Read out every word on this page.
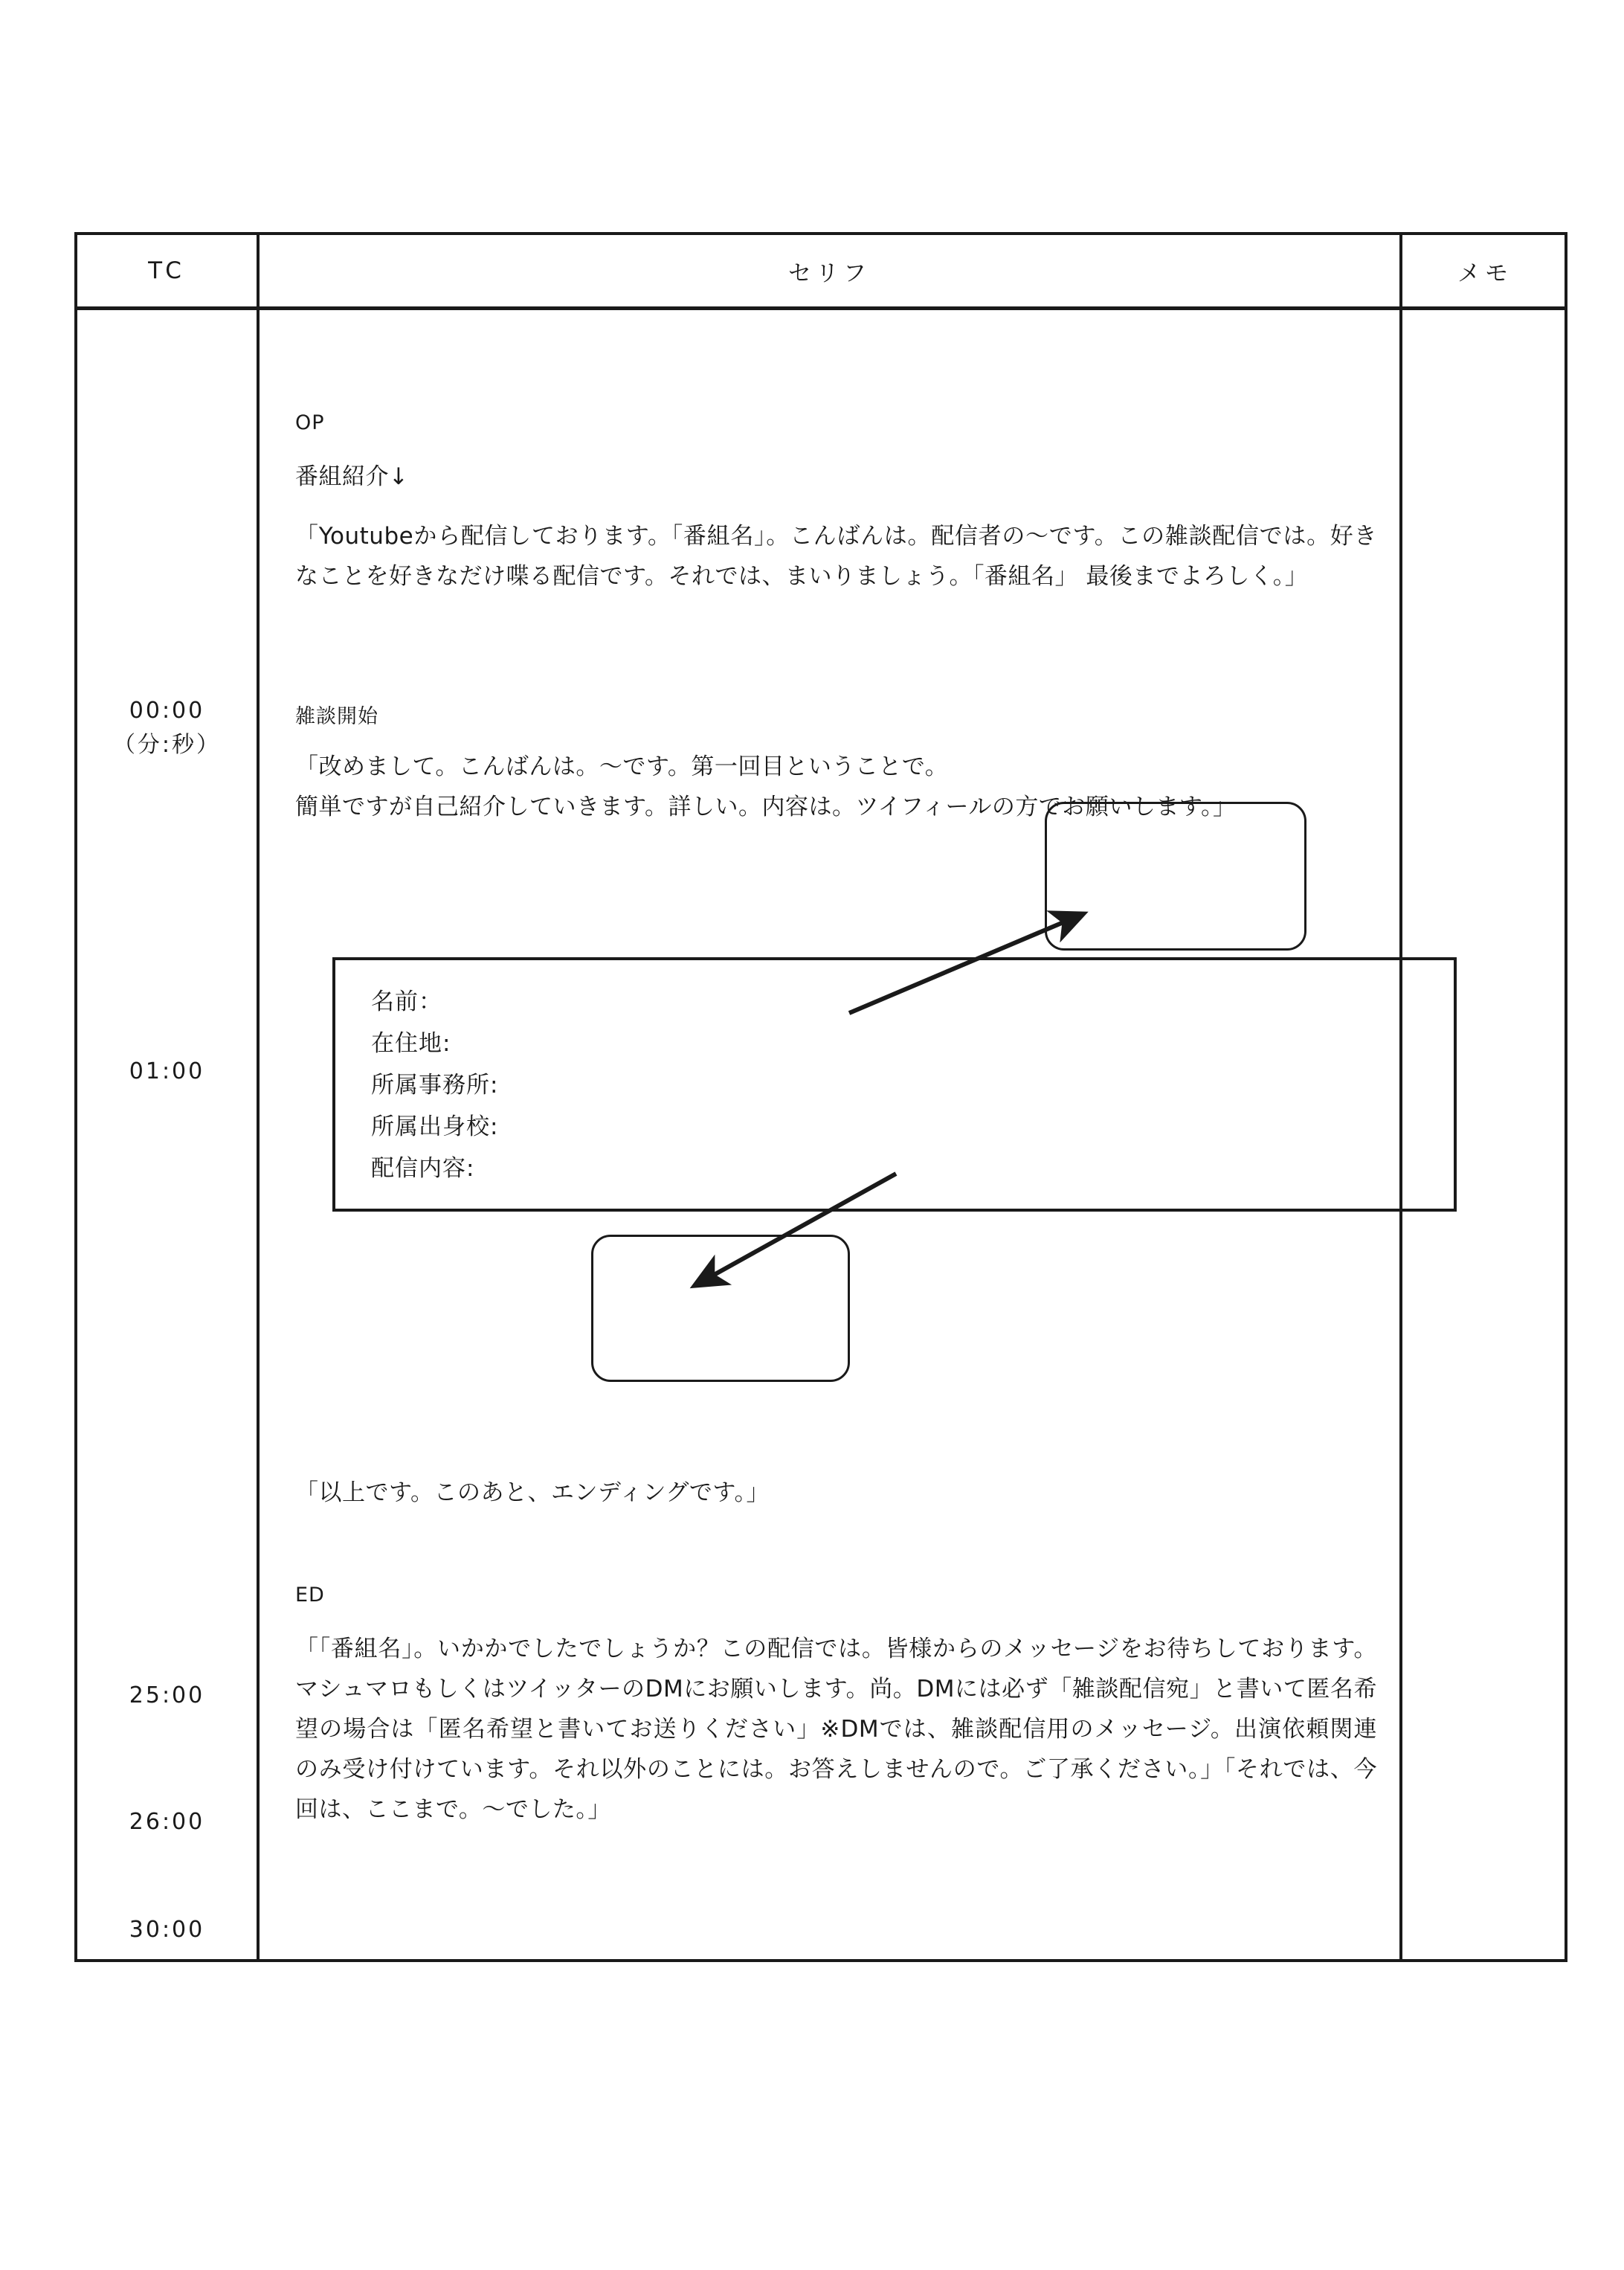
TC	セリフ	メモ
00:00
（分:秒）
01:00
25:00
26:00
30:00
OP
番組紹介↓
「Youtubeから配信しております。「番組名」。こんばんは。配信者の〜です。この雑談配信では。好きなことを好きなだけ喋る配信です。それでは、まいりましょう。「番組名」 最後までよろしく。」
雑談開始
「改めまして。こんばんは。〜です。第一回目ということで。
簡単ですが自己紹介していきます。詳しい。内容は。ツイフィールの方でお願いします。」
名前：
在住地:
所属事務所:
所属出身校:
配信内容:
「以上です。このあと、エンディングです。」
ED
「「番組名」。いかかでしたでしょうか？この配信では。皆様からのメッセージをお待ちしております。マシュマロもしくはツイッターのDMにお願いします。尚。DMには必ず「雑談配信宛」と書いて匿名希望の場合は「匿名希望と書いてお送りください」※DMでは、雑談配信用のメッセージ。出演依頼関連のみ受け付けています。それ以外のことには。お答えしませんので。ご了承ください。」「それでは、今回は、ここまで。〜でした。」
